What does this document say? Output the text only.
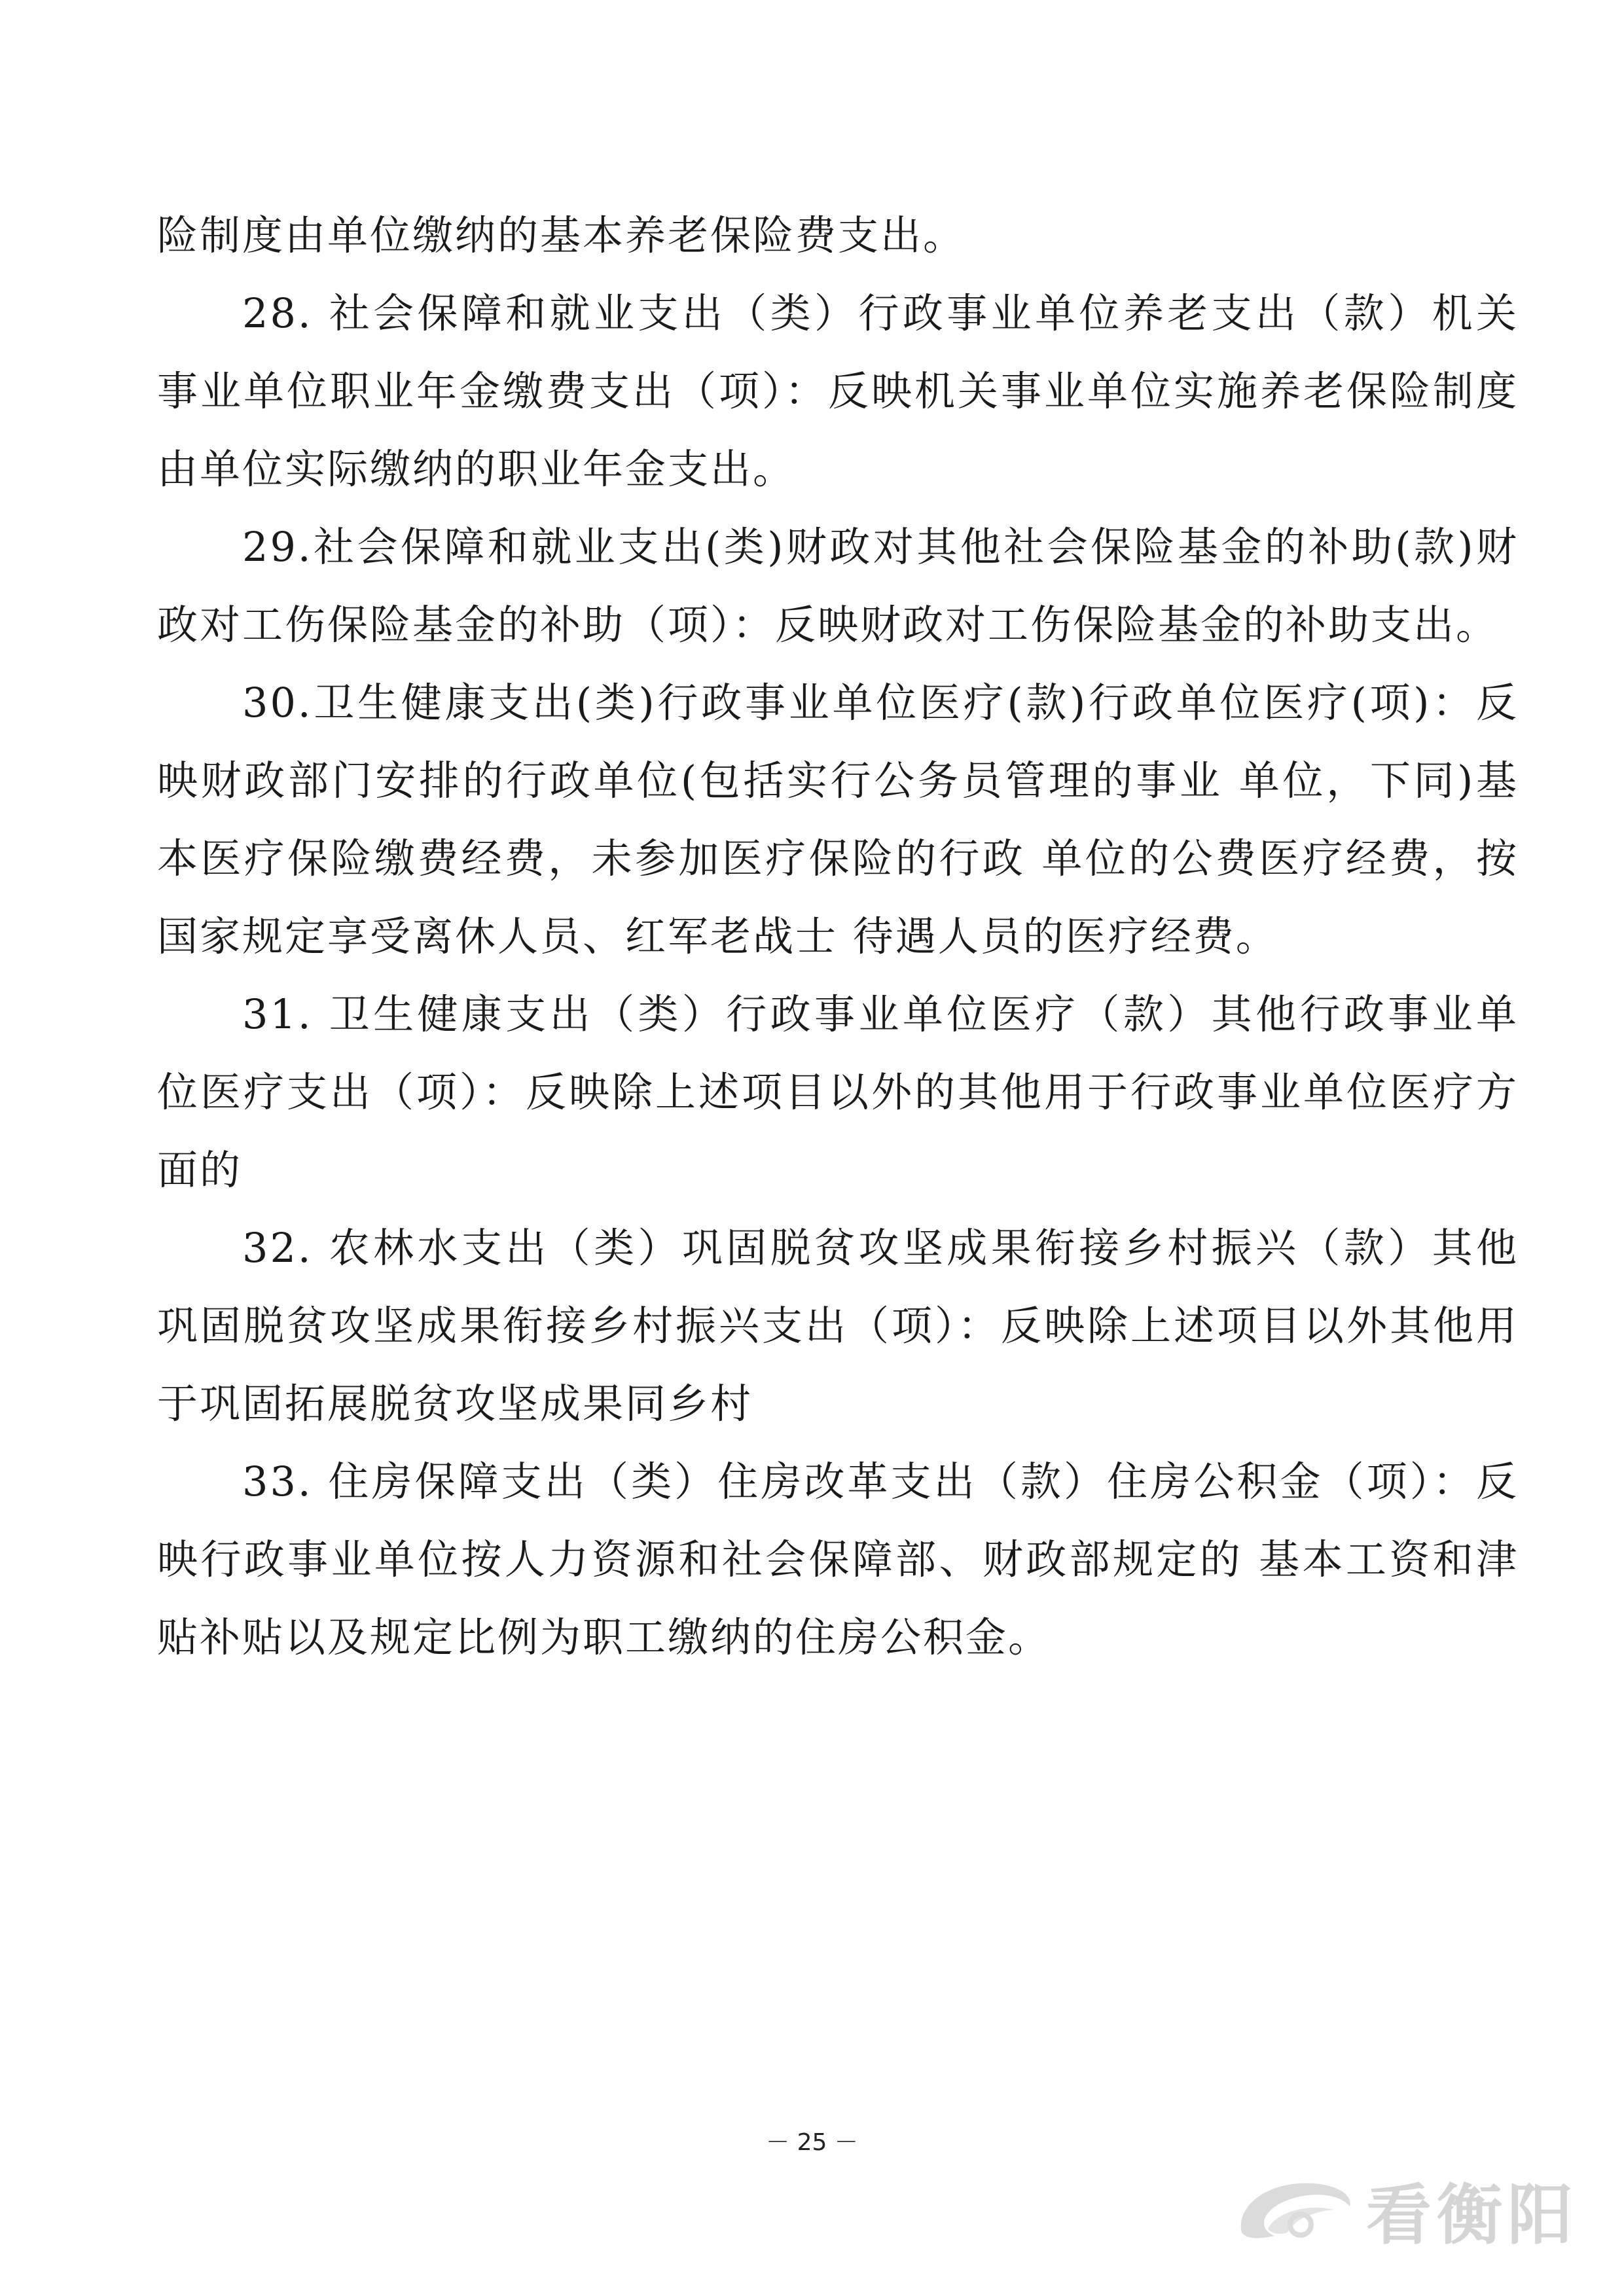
险制度由单位缴纳的基本养老保险费支出。

28. 社会保障和就业支出（类）行政事业单位养老支出（款）机关事业单位职业年金缴费支出（项）：反映机关事业单位实施养老保险制度由单位实际缴纳的职业年金支出。

29.社会保障和就业支出(类)财政对其他社会保险基金的补助(款)财政对工伤保险基金的补助（项）：反映财政对工伤保险基金的补助支出。

30.卫生健康支出(类)行政事业单位医疗(款)行政单位医疗(项)：反映财政部门安排的行政单位(包括实行公务员管理的事业 单位，下同)基本医疗保险缴费经费，未参加医疗保险的行政 单位的公费医疗经费，按国家规定享受离休人员、红军老战士 待遇人员的医疗经费。

31. 卫生健康支出（类）行政事业单位医疗（款）其他行政事业单位医疗支出（项）：反映除上述项目以外的其他用于行政事业单位医疗方面的

32. 农林水支出（类）巩固脱贫攻坚成果衔接乡村振兴（款）其他巩固脱贫攻坚成果衔接乡村振兴支出（项）：反映除上述项目以外其他用于巩固拓展脱贫攻坚成果同乡村

33. 住房保障支出（类）住房改革支出（款）住房公积金（项）：反映行政事业单位按人力资源和社会保障部、财政部规定的 基本工资和津贴补贴以及规定比例为职工缴纳的住房公积金。

－ 25 －
看衡阳
